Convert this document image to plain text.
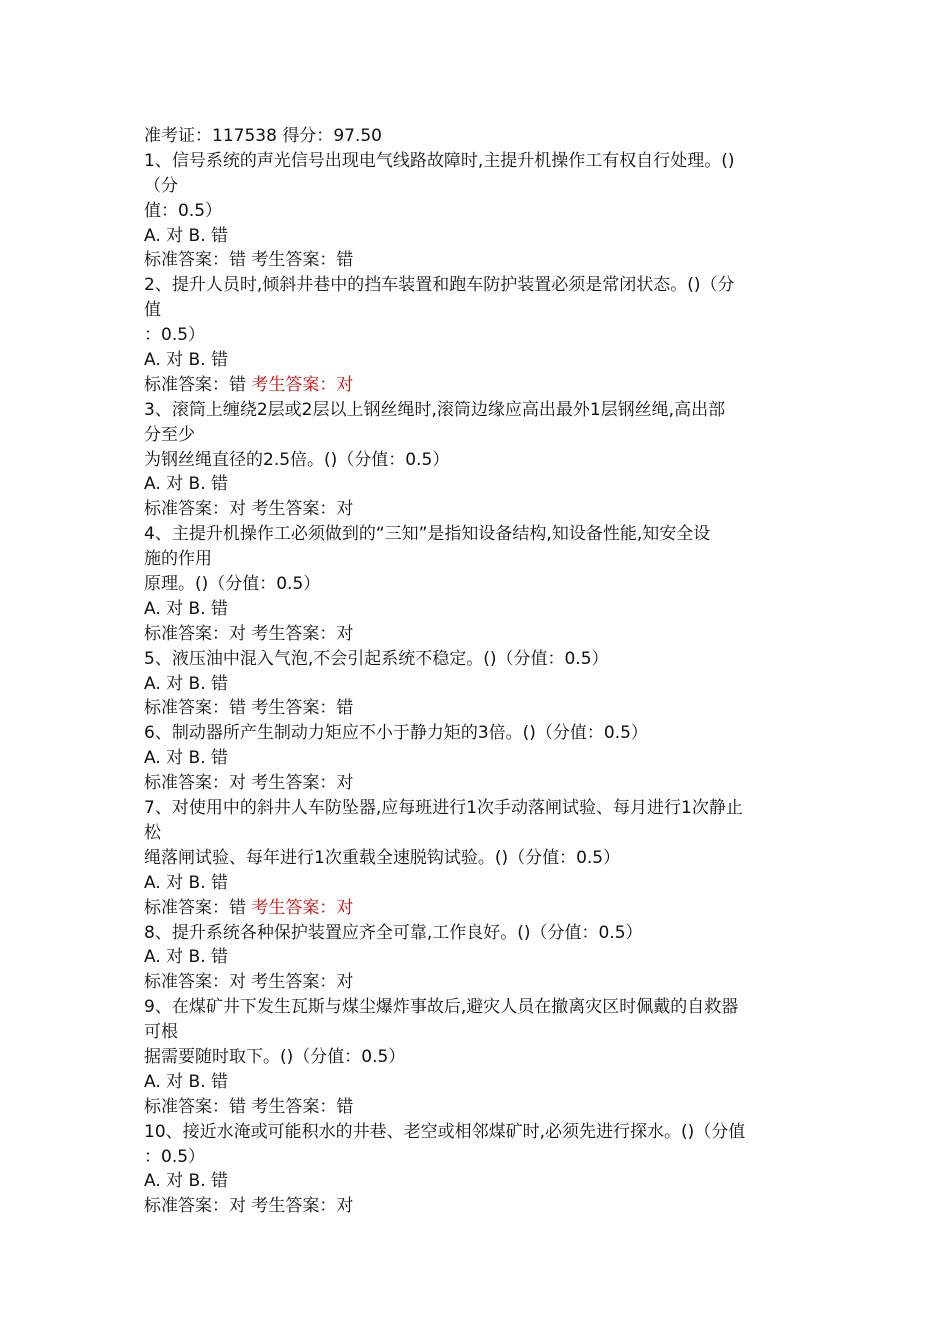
准考证：117538 得分：97.50
1、信号系统的声光信号出现电气线路故障时,主提升机操作工有权自行处理。()
（分
值：0.5）
A. 对 B. 错
标准答案：错 考生答案：错
2、提升人员时,倾斜井巷中的挡车装置和跑车防护装置必须是常闭状态。()（分
值
：0.5）
A. 对 B. 错
标准答案：错 考生答案：对
3、滚筒上缠绕2层或2层以上钢丝绳时,滚筒边缘应高出最外1层钢丝绳,高出部
分至少
为钢丝绳直径的2.5倍。()（分值：0.5）
A. 对 B. 错
标准答案：对 考生答案：对
4、主提升机操作工必须做到的“三知”是指知设备结构,知设备性能,知安全设
施的作用
原理。()（分值：0.5）
A. 对 B. 错
标准答案：对 考生答案：对
5、液压油中混入气泡,不会引起系统不稳定。()（分值：0.5）
A. 对 B. 错
标准答案：错 考生答案：错
6、制动器所产生制动力矩应不小于静力矩的3倍。()（分值：0.5）
A. 对 B. 错
标准答案：对 考生答案：对
7、对使用中的斜井人车防坠器,应每班进行1次手动落闸试验、每月进行1次静止
松
绳落闸试验、每年进行1次重载全速脱钩试验。()（分值：0.5）
A. 对 B. 错
标准答案：错 考生答案：对
8、提升系统各种保护装置应齐全可靠,工作良好。()（分值：0.5）
A. 对 B. 错
标准答案：对 考生答案：对
9、在煤矿井下发生瓦斯与煤尘爆炸事故后,避灾人员在撤离灾区时佩戴的自救器
可根
据需要随时取下。()（分值：0.5）
A. 对 B. 错
标准答案：错 考生答案：错
10、接近水淹或可能积水的井巷、老空或相邻煤矿时,必须先进行探水。()（分值
：0.5）
A. 对 B. 错
标准答案：对 考生答案：对
